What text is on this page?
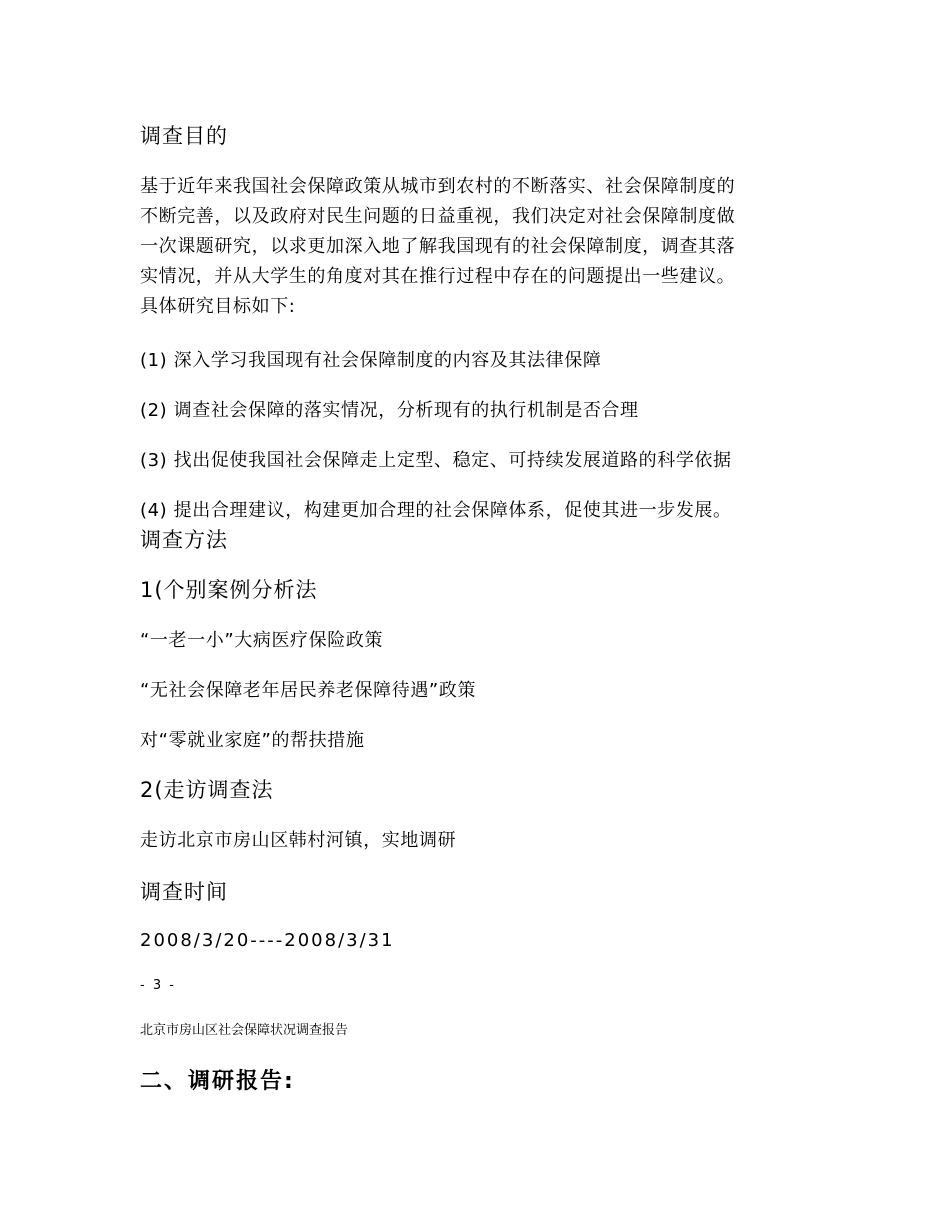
调查目的
基于近年来我国社会保障政策从城市到农村的不断落实、社会保障制度的
不断完善，以及政府对民生问题的日益重视，我们决定对社会保障制度做
一次课题研究，以求更加深入地了解我国现有的社会保障制度，调查其落
实情况，并从大学生的角度对其在推行过程中存在的问题提出一些建议。
具体研究目标如下:

(1) 深入学习我国现有社会保障制度的内容及其法律保障

(2) 调查社会保障的落实情况，分析现有的执行机制是否合理

(3) 找出促使我国社会保障走上定型、稳定、可持续发展道路的科学依据

(4) 提出合理建议，构建更加合理的社会保障体系，促使其进一步发展。

调查方法
1(个别案例分析法

“一老一小”大病医疗保险政策

“无社会保障老年居民养老保障待遇”政策

对“零就业家庭”的帮扶措施

2(走访调查法

走访北京市房山区韩村河镇，实地调研

调查时间

2008/3/20----2008/3/31

- 3 -

北京市房山区社会保障状况调查报告

二、调研报告:
